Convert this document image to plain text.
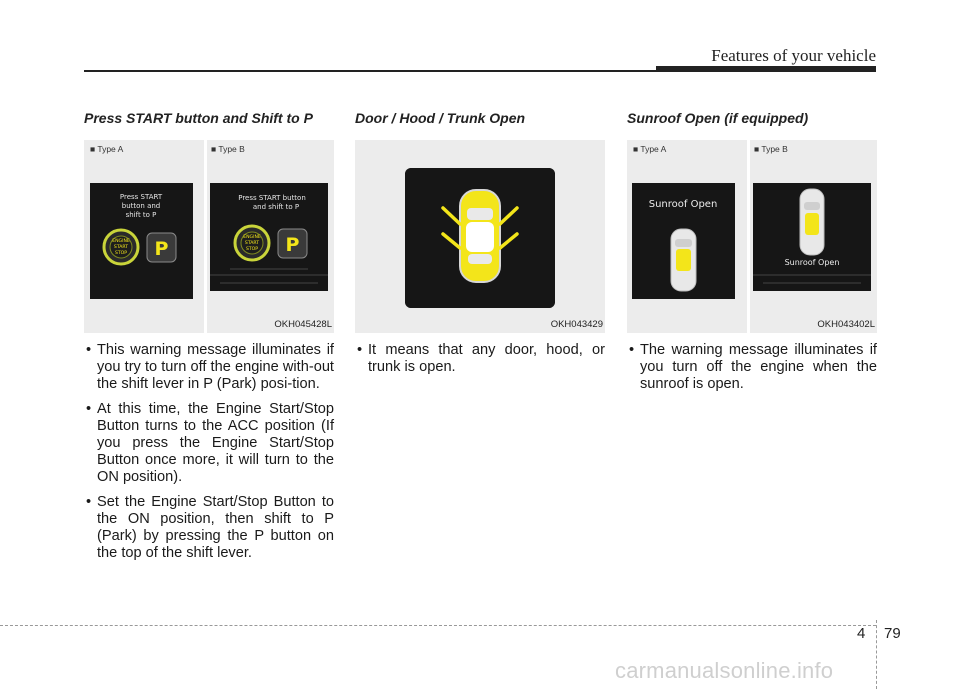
Features of your vehicle
Press START button and Shift to P
■ Type A	■ Type B
Press START
button and
shift to P
ENGINE
START
STOP P
Press START button
and shift to P
ENGINE
START
STOP P
OKH045428L
• This warning message illuminates if you try to turn off the engine with-out the shift lever in P (Park) posi-tion.
• At this time, the Engine Start/Stop Button turns to the ACC position (If you press the Engine Start/Stop Button once more, it will turn to the ON position).
• Set the Engine Start/Stop Button to the ON position, then shift to P (Park) by pressing the P button on the top of the shift lever.
Door / Hood / Trunk Open
OKH043429
• It means that any door, hood, or trunk is open.
Sunroof Open (if equipped)
■ Type A	■ Type B
Sunroof Open
Sunroof Open
OKH043402L
• The warning message illuminates if you turn off the engine when the sunroof is open.
4 79
carmanualsonline.info
